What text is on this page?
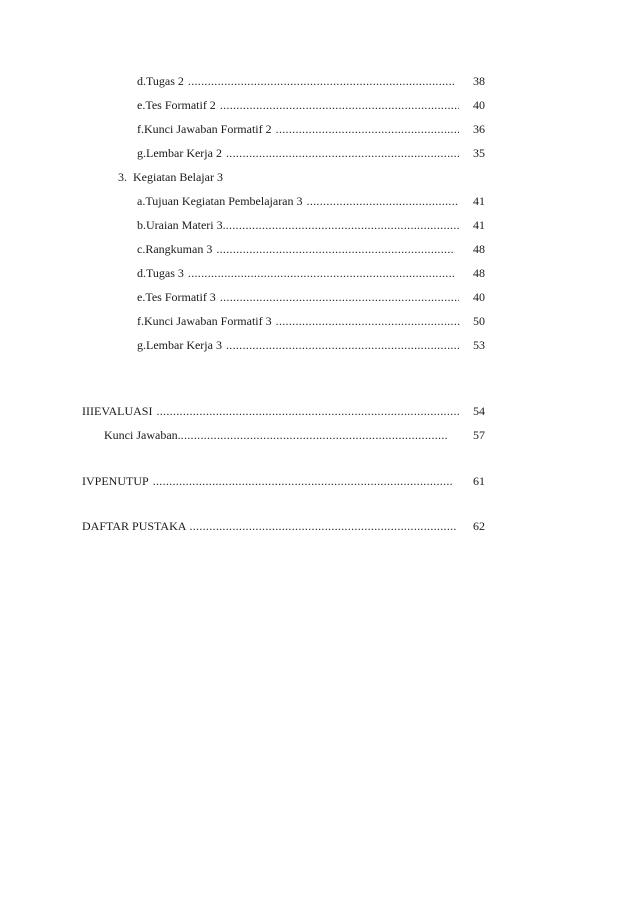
d. Tugas 2 .....	38
e. Tes Formatif 2 .....	40
f. Kunci Jawaban Formatif 2 .....	36
g. Lembar Kerja 2 .....	35
3. Kegiatan Belajar 3
a. Tujuan Kegiatan Pembelajaran 3 .....	41
b. Uraian Materi 3. .....	41
c. Rangkuman 3 .....	48
d. Tugas 3 .....	48
e. Tes Formatif 3 .....	40
f. Kunci Jawaban Formatif 3 .....	50
g. Lembar Kerja 3 .....	53
III EVALUASI .....	54
Kunci Jawaban. .....	57
IV PENUTUP .....	61
DAFTAR PUSTAKA .....	62
